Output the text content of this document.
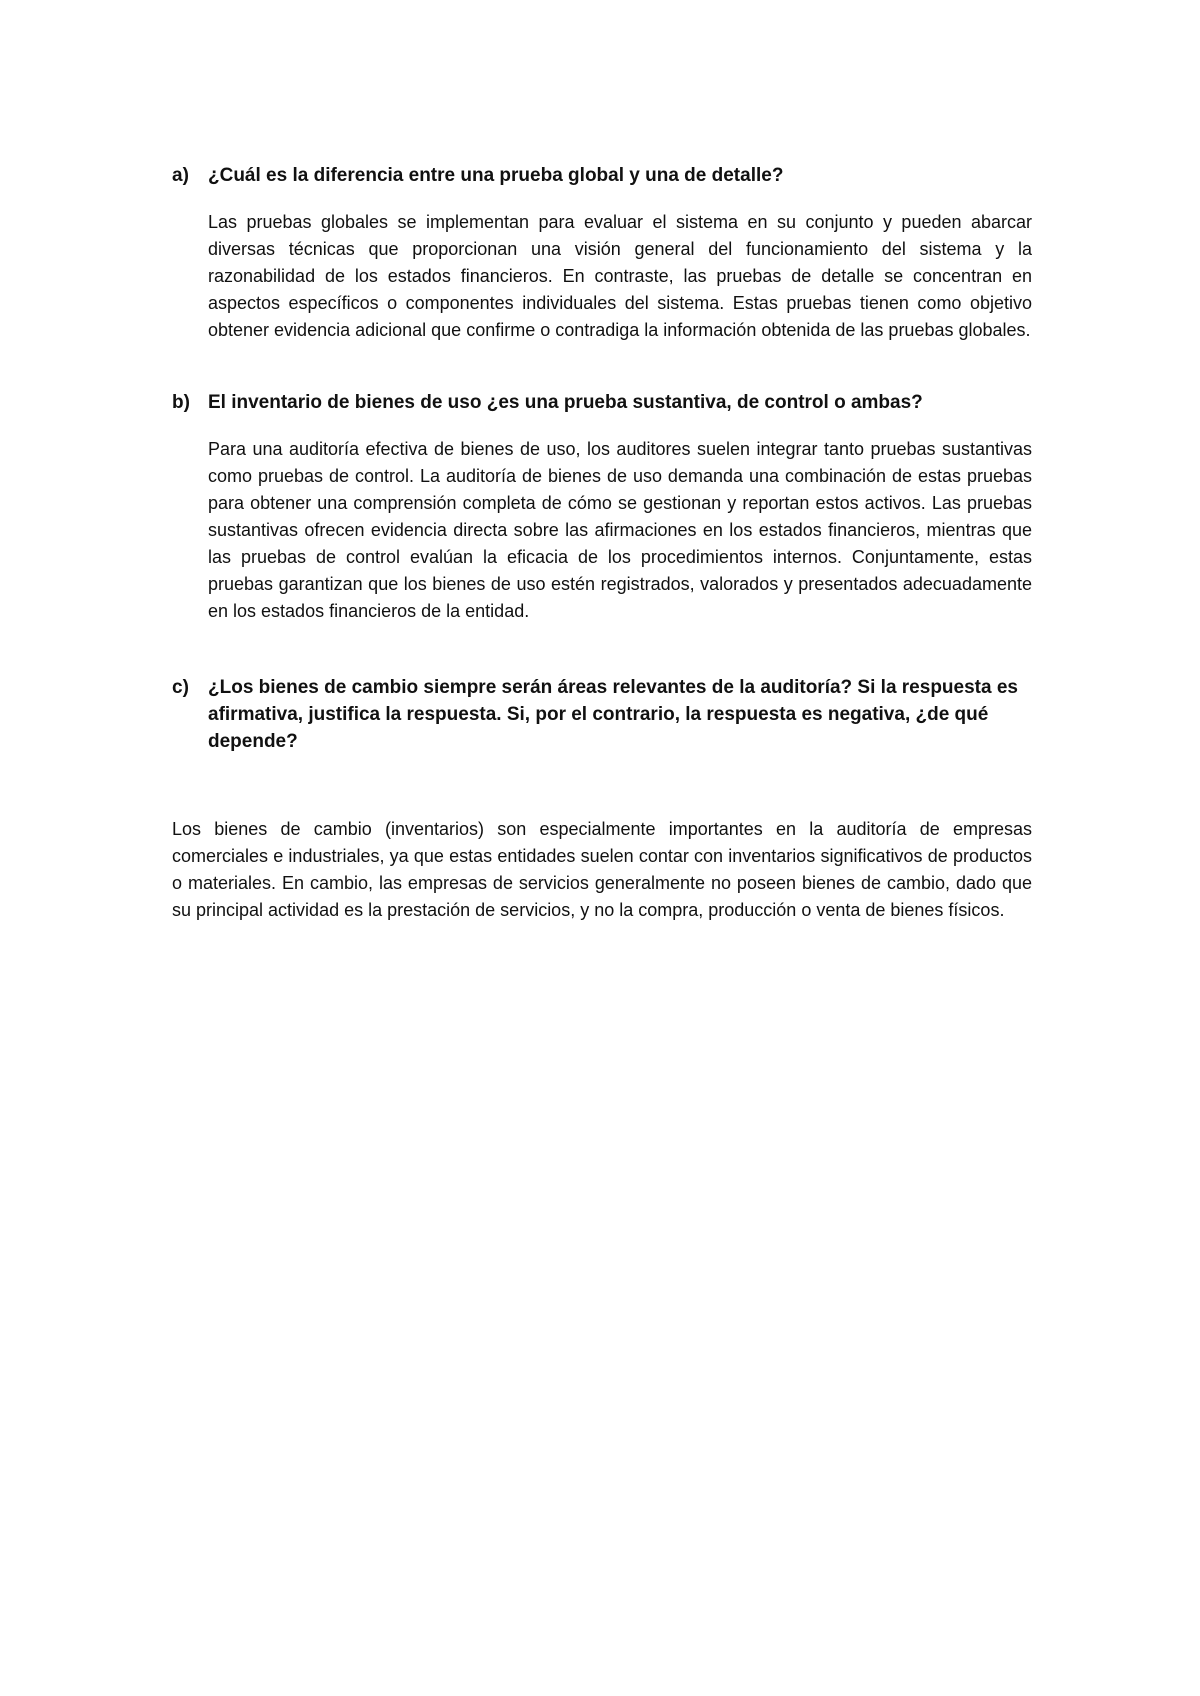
a)	¿Cuál es la diferencia entre una prueba global y una de detalle?

Las pruebas globales se implementan para evaluar el sistema en su conjunto y pueden abarcar diversas técnicas que proporcionan una visión general del funcionamiento del sistema y la razonabilidad de los estados financieros. En contraste, las pruebas de detalle se concentran en aspectos específicos o componentes individuales del sistema. Estas pruebas tienen como objetivo obtener evidencia adicional que confirme o contradiga la información obtenida de las pruebas globales.

b) El inventario de bienes de uso ¿es una prueba sustantiva, de control o ambas?

Para una auditoría efectiva de bienes de uso, los auditores suelen integrar tanto pruebas sustantivas como pruebas de control. La auditoría de bienes de uso demanda una combinación de estas pruebas para obtener una comprensión completa de cómo se gestionan y reportan estos activos. Las pruebas sustantivas ofrecen evidencia directa sobre las afirmaciones en los estados financieros, mientras que las pruebas de control evalúan la eficacia de los procedimientos internos. Conjuntamente, estas pruebas garantizan que los bienes de uso estén registrados, valorados y presentados adecuadamente en los estados financieros de la entidad.

c)	¿Los bienes de cambio siempre serán áreas relevantes de la auditoría? Si la respuesta es afirmativa, justifica la respuesta. Si, por el contrario, la respuesta es negativa, ¿de qué depende?

Los bienes de cambio (inventarios) son especialmente importantes en la auditoría de empresas comerciales e industriales, ya que estas entidades suelen contar con inventarios significativos de productos o materiales. En cambio, las empresas de servicios generalmente no poseen bienes de cambio, dado que su principal actividad es la prestación de servicios, y no la compra, producción o venta de bienes físicos.
